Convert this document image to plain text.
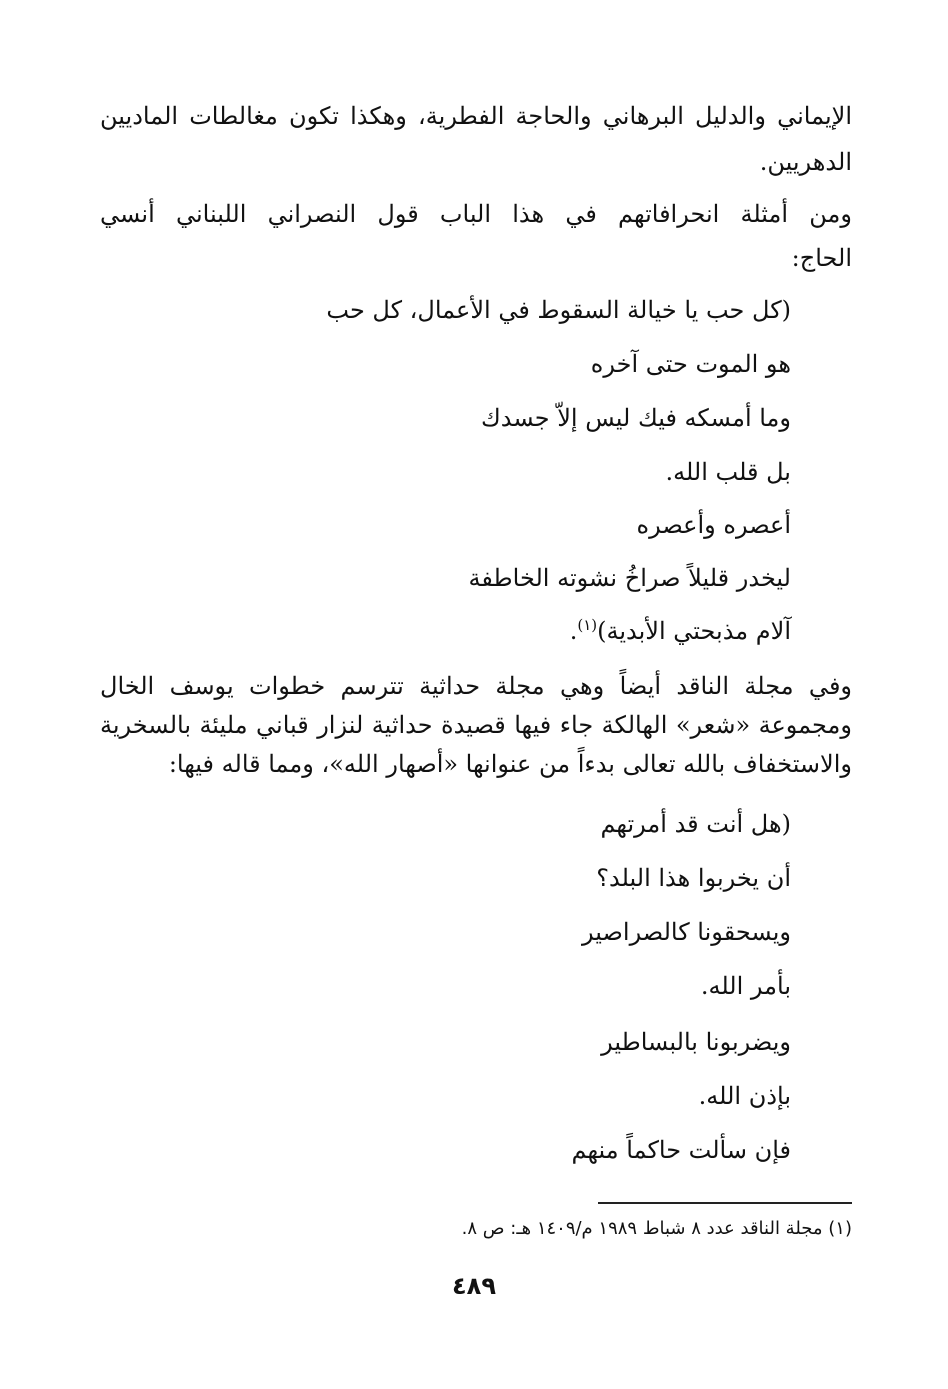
الإيماني والدليل البرهاني والحاجة الفطرية، وهكذا تكون مغالطات الماديين
الدهريين.
ومن أمثلة انحرافاتهم في هذا الباب قول النصراني اللبناني أنسي
الحاج:
(كل حب يا خيالة السقوط في الأعمال، كل حب
هو الموت حتى آخره
وما أمسكه فيك ليس إلاّ جسدك
بل قلب الله.
أعصره وأعصره
ليخدر قليلاً صراخُ نشوته الخاطفة
آلام مذبحتي الأبدية)$^{(١)}$.
وفي مجلة الناقد أيضاً وهي مجلة حداثية تترسم خطوات يوسف الخال
ومجموعة «شعر» الهالكة جاء فيها قصيدة حداثية لنزار قباني مليئة بالسخرية
والاستخفاف بالله تعالى بدءاً من عنوانها «أصهار الله»، ومما قاله فيها:
(هل أنت قد أمرتهم
أن يخربوا هذا البلد؟
ويسحقونا كالصراصير
بأمر الله.
ويضربونا بالبساطير
بإذن الله.
فإن سألت حاكماً منهم
(١) مجلة الناقد عدد ٨ شباط ١٩٨٩ م/١٤٠٩ هـ: ص ٨.
٤٨٩
